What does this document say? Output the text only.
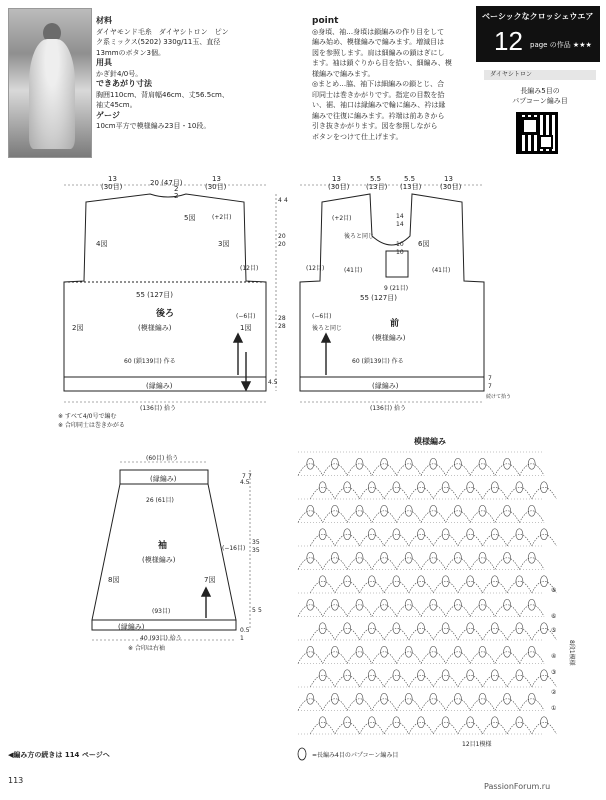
材料
ダイヤモンド毛糸　ダイヤシトロン　ピン
ク系ミックス(5202) 330g/11玉、直径
13mmのボタン3個。
用具
かぎ針4/0号。
できあがり寸法
胸囲110cm、背肩幅46cm、丈56.5cm、
袖丈45cm。
ゲージ
10cm平方で模様編み23目・10段。
point
◎身頃、袖…身頃は鎖編みの作り目をして
編み始め、模様編みで編みます。増減目は
図を参照します。肩は細編みの鎖はぎにし
ます。袖は鎖ぐりから目を拾い、細編み、模
様編みで編みます。
◎まとめ…脇、袖下は細編みの鎖とじ、合
印同士は巻きかがりです。指定の目数を拾
い、裾、袖口は縁編みで輪に編み、衿は縁
編みで往復に編みます。衿端は前あきから
引き抜きかがります。図を参照しながら
ボタンをつけて仕上げます。
ベーシックなクロッシェウエア
12 page の作品 ★★★
ダイヤシトロン
長編み5目の
パプコーン編み目
13
(30目)	20 (47目)
2
2
13
(30目)
5図	(+2目)
4図	3図
(12目)
55 (127目)
後ろ
(模様編み)
2図	1図
(−6目)
60 (鎖139目) 作る
(縁編み)
(136目) 拾う
4 4
20
20
28
28
4.5
13
(30目)
5.5
(13目)
5.5
(13目)
13
(30目)
(+2目)
後ろと同じ
14
14
10
10
6図
(12目)	(41目)	(41目)
9 (21目)
55 (127目)
(−6目)
後ろと同じ	前
(模様編み)
60 (鎖139目) 作る
(縁編み)
(136目) 拾う
7
7
続けて拾う
※ すべて4/0号で編む
※ 合印同士は巻きかがる
(60目) 拾う
(縁編み)
26 (61目)
7 7
4.5
35
35
(−16目)
袖
(模様編み)
8図	7図
(93目)	5 5
(縁編み)	0.5
1
40 (93目) 拾う
※ 合印は右袖
模様編み
8段1模様
12目1模様
=長編み4目のパプコーン編み目
⑧
⑥
⑤
④
③
②
①
◀編み方の続きは 114 ページへ
113
PassionForum.ru
